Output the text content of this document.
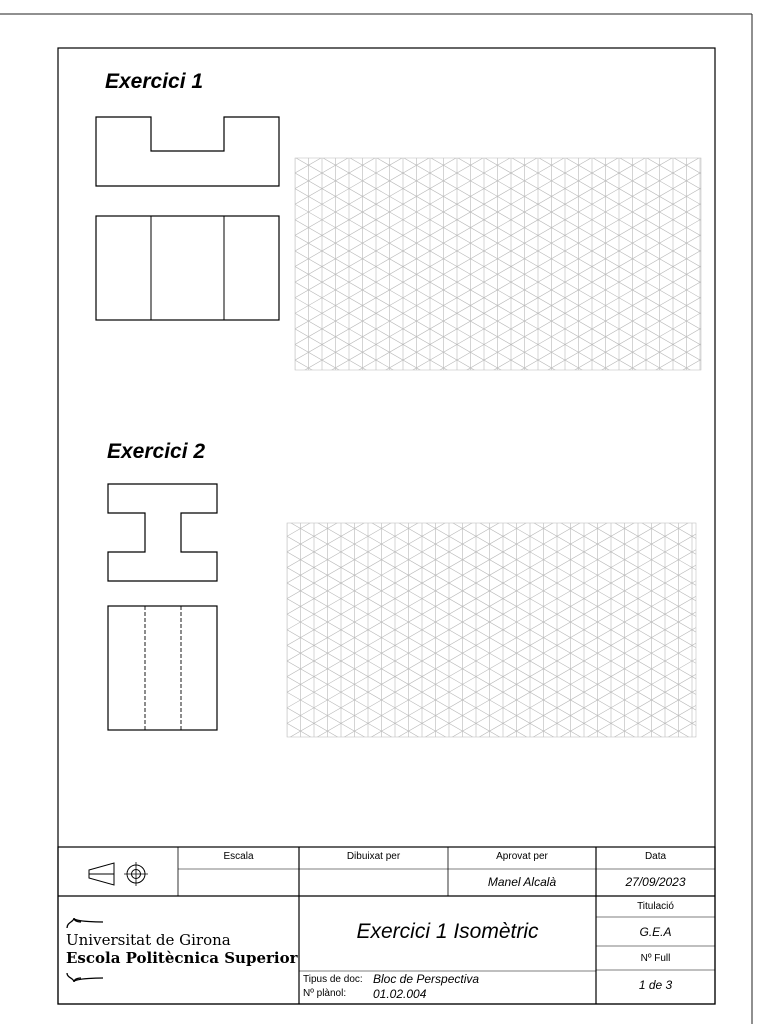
Exercici 1
Exercici 2
Escala	Dibuixat per	Aprovat per
Manel Alcalà
Data
27/09/2023
Universitat de Girona
Escola Politècnica Superior
Exercici 1 Isomètric
Titulació
G.E.A
Nº Full
1 de 3
Tipus de doc: Bloc de Perspectiva
Nº plànol: 01.02.004
